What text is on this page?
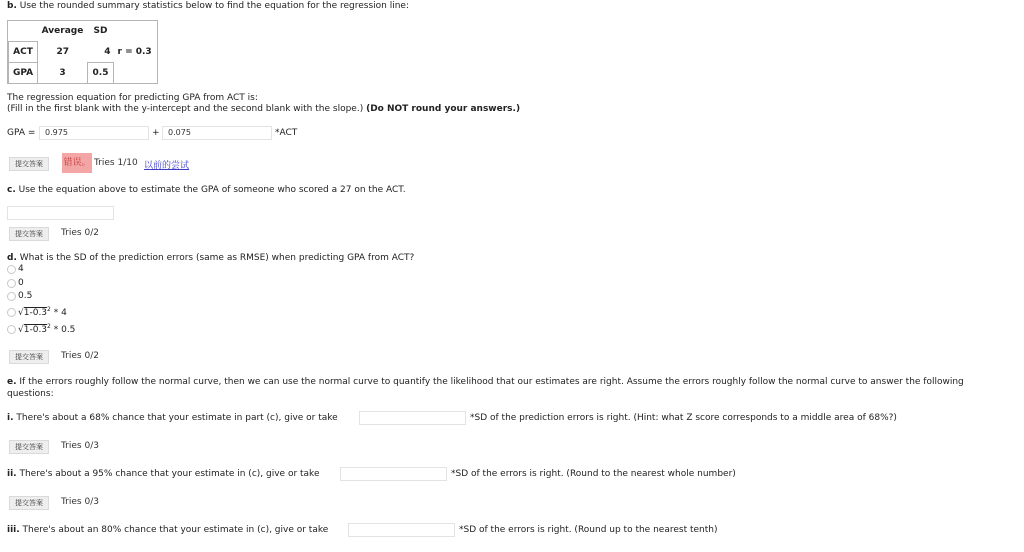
b. Use the rounded summary statistics below to find the equation for the regression line:
	Average	SD	
ACT	27	4	r = 0.3
GPA	3	0.5	
The regression equation for predicting GPA from ACT is:
(Fill in the first blank with the y-intercept and the second blank with the slope.) (Do NOT round your answers.)
GPA = 0.975	+ 0.075	*ACT
提交答案	错误。 Tries 1/10 以前的尝试
c. Use the equation above to estimate the GPA of someone who scored a 27 on the ACT.
提交答案	Tries 0/2
d. What is the SD of the prediction errors (same as RMSE) when predicting GPA from ACT?
4
0
0.5
$√1-0.3^2 * 4$
$√1-0.3^2 * 0.5$
提交答案	Tries 0/2
e. If the errors roughly follow the normal curve, then we can use the normal curve to quantify the likelihood that our estimates are right. Assume the errors roughly follow the normal curve to answer the following
questions:
i. There's about a 68% chance that your estimate in part (c), give or take	*SD of the prediction errors is right. (Hint: what Z score corresponds to a middle area of 68%?)
提交答案	Tries 0/3
ii. There's about a 95% chance that your estimate in (c), give or take	*SD of the errors is right. (Round to the nearest whole number)
提交答案	Tries 0/3
iii. There's about an 80% chance that your estimate in (c), give or take	*SD of the errors is right. (Round up to the nearest tenth)
